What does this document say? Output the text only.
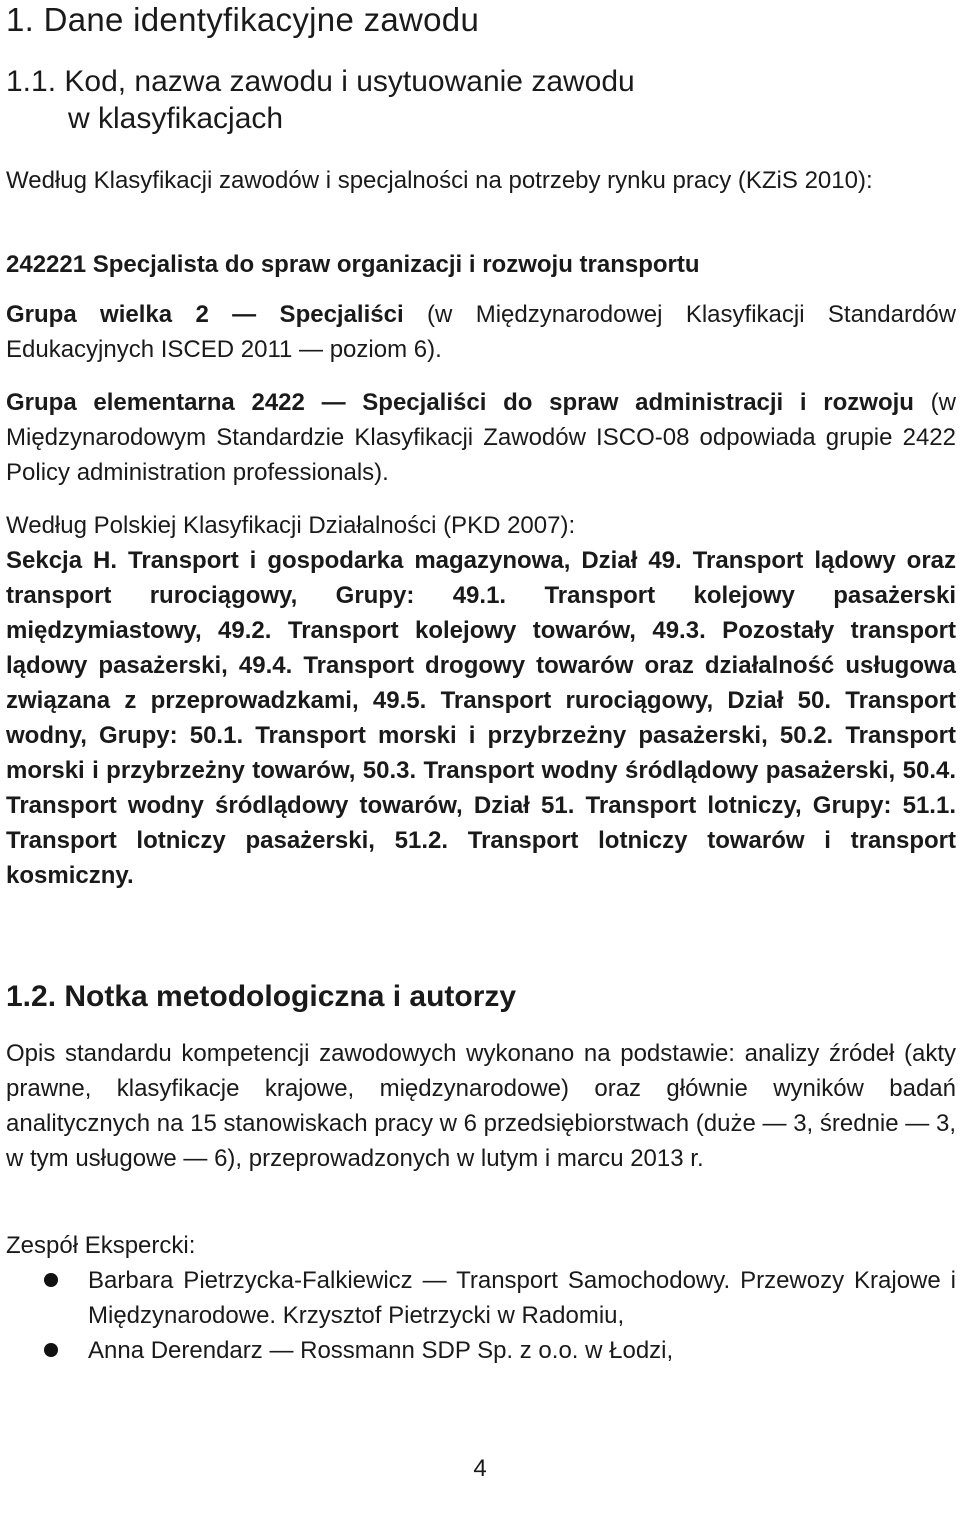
1. Dane identyfikacyjne zawodu
1.1. Kod, nazwa zawodu i usytuowanie zawodu
w klasyfikacjach

Według Klasyfikacji zawodów i specjalności na potrzeby rynku pracy (KZiS 2010):

242221 Specjalista do spraw organizacji i rozwoju transportu

Grupa wielka 2 — Specjaliści (w Międzynarodowej Klasyfikacji Standardów Edukacyjnych ISCED 2011 — poziom 6).

Grupa elementarna 2422 — Specjaliści do spraw administracji i rozwoju (w Międzynarodowym Standardzie Klasyfikacji Zawodów ISCO-08 odpowiada grupie 2422 Policy administration professionals).

Według Polskiej Klasyfikacji Działalności (PKD 2007):

Sekcja H. Transport i gospodarka magazynowa, Dział 49. Transport lądowy oraz transport rurociągowy, Grupy: 49.1. Transport kolejowy pasażerski międzymiastowy, 49.2. Transport kolejowy towarów, 49.3. Pozostały transport lądowy pasażerski, 49.4. Transport drogowy towarów oraz działalność usługowa związana z przeprowadzkami, 49.5. Transport rurociągowy, Dział 50. Transport wodny, Grupy: 50.1. Transport morski i przybrzeżny pasażerski, 50.2. Transport morski i przybrzeżny towarów, 50.3. Transport wodny śródlądowy pasażerski, 50.4. Transport wodny śródlądowy towarów, Dział 51. Transport lotniczy, Grupy: 51.1. Transport lotniczy pasażerski, 51.2. Transport lotniczy towarów i transport kosmiczny.

1.2. Notka metodologiczna i autorzy

Opis standardu kompetencji zawodowych wykonano na podstawie: analizy źródeł (akty prawne, klasyfikacje krajowe, międzynarodowe) oraz głównie wyników badań analitycznych na 15 stanowiskach pracy w 6 przedsiębiorstwach (duże — 3, średnie — 3, w tym usługowe — 6), przeprowadzonych w lutym i marcu 2013 r.

Zespół Ekspercki:

Barbara Pietrzycka-Falkiewicz — Transport Samochodowy. Przewozy Krajowe i Międzynarodowe. Krzysztof Pietrzycki w Radomiu,
Anna Derendarz — Rossmann SDP Sp. z o.o. w Łodzi,
4
